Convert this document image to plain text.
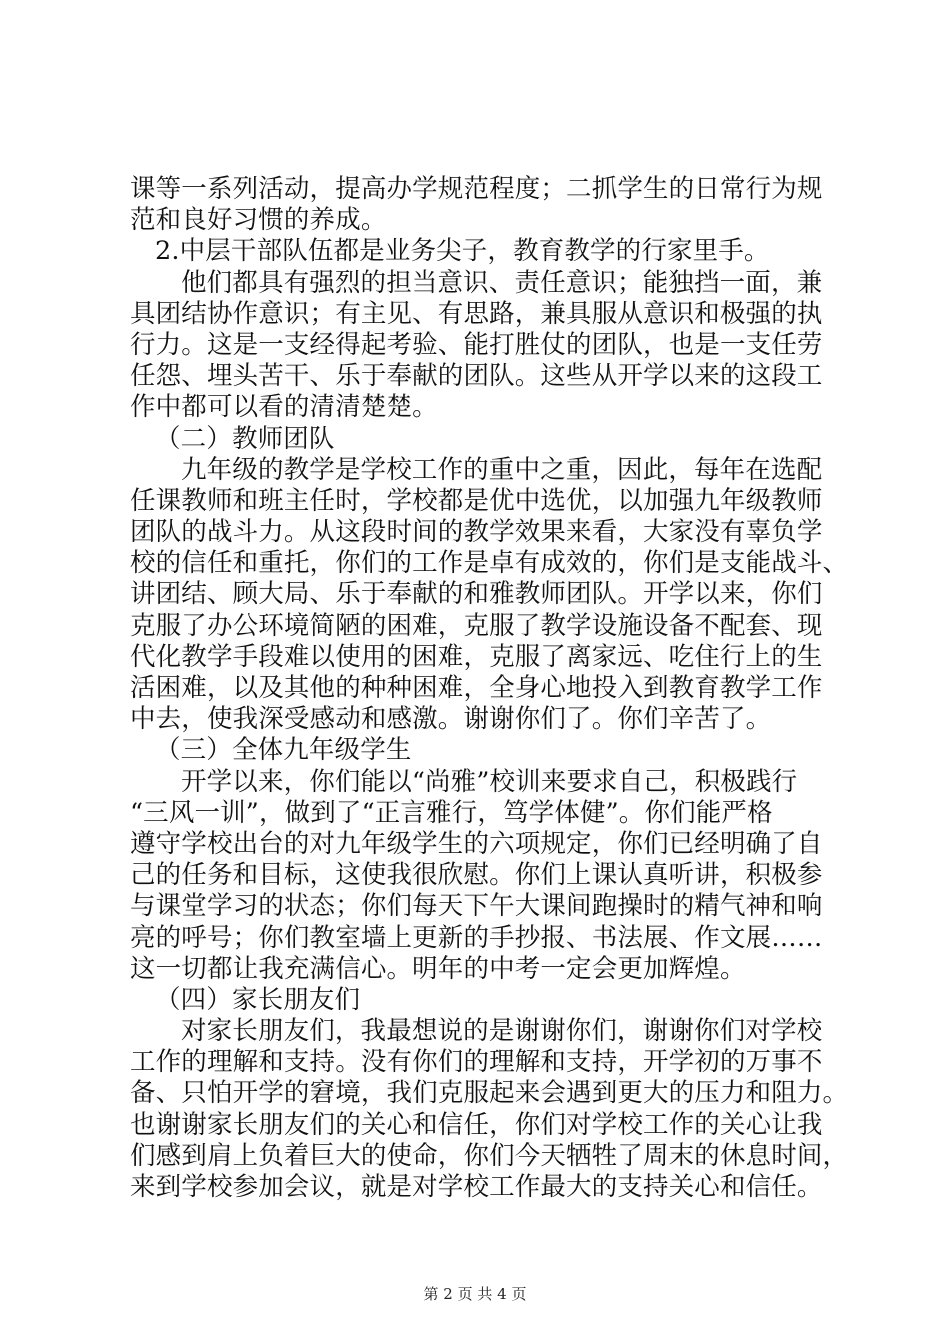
课等一系列活动，提高办学规范程度；二抓学生的日常行为规
范和良好习惯的养成。
2.中层干部队伍都是业务尖子，教育教学的行家里手。
他们都具有强烈的担当意识、责任意识；能独挡一面，兼
具团结协作意识；有主见、有思路，兼具服从意识和极强的执
行力。这是一支经得起考验、能打胜仗的团队，也是一支任劳
任怨、埋头苦干、乐于奉献的团队。这些从开学以来的这段工
作中都可以看的清清楚楚。
（二）教师团队
九年级的教学是学校工作的重中之重，因此，每年在选配
任课教师和班主任时，学校都是优中选优，以加强九年级教师
团队的战斗力。从这段时间的教学效果来看，大家没有辜负学
校的信任和重托，你们的工作是卓有成效的，你们是支能战斗、
讲团结、顾大局、乐于奉献的和雅教师团队。开学以来，你们
克服了办公环境简陋的困难，克服了教学设施设备不配套、现
代化教学手段难以使用的困难，克服了离家远、吃住行上的生
活困难，以及其他的种种困难，全身心地投入到教育教学工作
中去，使我深受感动和感激。谢谢你们了。你们辛苦了。
（三）全体九年级学生
开学以来，你们能以“尚雅”校训来要求自己，积极践行
“三风一训”，做到了“正言雅行，笃学体健”。你们能严格
遵守学校出台的对九年级学生的六项规定，你们已经明确了自
己的任务和目标，这使我很欣慰。你们上课认真听讲，积极参
与课堂学习的状态；你们每天下午大课间跑操时的精气神和响
亮的呼号；你们教室墙上更新的手抄报、书法展、作文展……
这一切都让我充满信心。明年的中考一定会更加辉煌。
（四）家长朋友们
对家长朋友们，我最想说的是谢谢你们，谢谢你们对学校
工作的理解和支持。没有你们的理解和支持，开学初的万事不
备、只怕开学的窘境，我们克服起来会遇到更大的压力和阻力。
也谢谢家长朋友们的关心和信任，你们对学校工作的关心让我
们感到肩上负着巨大的使命，你们今天牺牲了周末的休息时间，
来到学校参加会议，就是对学校工作最大的支持关心和信任。
第 2 页 共 4 页
